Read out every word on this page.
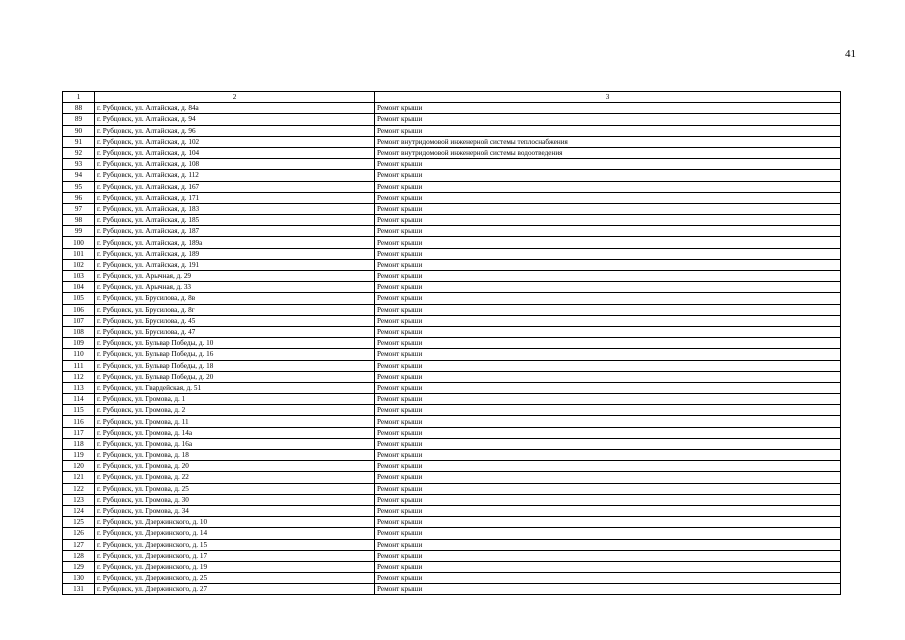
41
1	2	3
88	г. Рубцовск, ул. Алтайская, д. 84а	Ремонт крыши
89	г. Рубцовск, ул. Алтайская, д. 94	Ремонт крыши
90	г. Рубцовск, ул. Алтайская, д. 96	Ремонт крыши
91	г. Рубцовск, ул. Алтайская, д. 102	Ремонт внутридомовой инженерной системы теплоснабжения
92	г. Рубцовск, ул. Алтайская, д. 104	Ремонт внутридомовой инженерной системы водоотведения
93	г. Рубцовск, ул. Алтайская, д. 108	Ремонт крыши
94	г. Рубцовск, ул. Алтайская, д. 112	Ремонт крыши
95	г. Рубцовск, ул. Алтайская, д. 167	Ремонт крыши
96	г. Рубцовск, ул. Алтайская, д. 171	Ремонт крыши
97	г. Рубцовск, ул. Алтайская, д. 183	Ремонт крыши
98	г. Рубцовск, ул. Алтайская, д. 185	Ремонт крыши
99	г. Рубцовск, ул. Алтайская, д. 187	Ремонт крыши
100	г. Рубцовск, ул. Алтайская, д. 189а	Ремонт крыши
101	г. Рубцовск, ул. Алтайская, д. 189	Ремонт крыши
102	г. Рубцовск, ул. Алтайская, д. 191	Ремонт крыши
103	г. Рубцовск, ул. Арычная, д. 29	Ремонт крыши
104	г. Рубцовск, ул. Арычная, д. 33	Ремонт крыши
105	г. Рубцовск, ул. Брусилова, д. 8в	Ремонт крыши
106	г. Рубцовск, ул. Брусилова, д. 8г	Ремонт крыши
107	г. Рубцовск, ул. Брусилова, д. 45	Ремонт крыши
108	г. Рубцовск, ул. Брусилова, д. 47	Ремонт крыши
109	г. Рубцовск, ул. Бульвар Победы, д. 10	Ремонт крыши
110	г. Рубцовск, ул. Бульвар Победы, д. 16	Ремонт крыши
111	г. Рубцовск, ул. Бульвар Победы, д. 18	Ремонт крыши
112	г. Рубцовск, ул. Бульвар Победы, д. 20	Ремонт крыши
113	г. Рубцовск, ул. Гвардейская, д. 51	Ремонт крыши
114	г. Рубцовск, ул. Громова, д. 1	Ремонт крыши
115	г. Рубцовск, ул. Громова, д. 2	Ремонт крыши
116	г. Рубцовск, ул. Громова, д. 11	Ремонт крыши
117	г. Рубцовск, ул. Громова, д. 14а	Ремонт крыши
118	г. Рубцовск, ул. Громова, д. 16а	Ремонт крыши
119	г. Рубцовск, ул. Громова, д. 18	Ремонт крыши
120	г. Рубцовск, ул. Громова, д. 20	Ремонт крыши
121	г. Рубцовск, ул. Громова, д. 22	Ремонт крыши
122	г. Рубцовск, ул. Громова, д. 25	Ремонт крыши
123	г. Рубцовск, ул. Громова, д. 30	Ремонт крыши
124	г. Рубцовск, ул. Громова, д. 34	Ремонт крыши
125	г. Рубцовск, ул. Дзержинского, д. 10	Ремонт крыши
126	г. Рубцовск, ул. Дзержинского, д. 14	Ремонт крыши
127	г. Рубцовск, ул. Дзержинского, д. 15	Ремонт крыши
128	г. Рубцовск, ул. Дзержинского, д. 17	Ремонт крыши
129	г. Рубцовск, ул. Дзержинского, д. 19	Ремонт крыши
130	г. Рубцовск, ул. Дзержинского, д. 25	Ремонт крыши
131	г. Рубцовск, ул. Дзержинского, д. 27	Ремонт крыши
